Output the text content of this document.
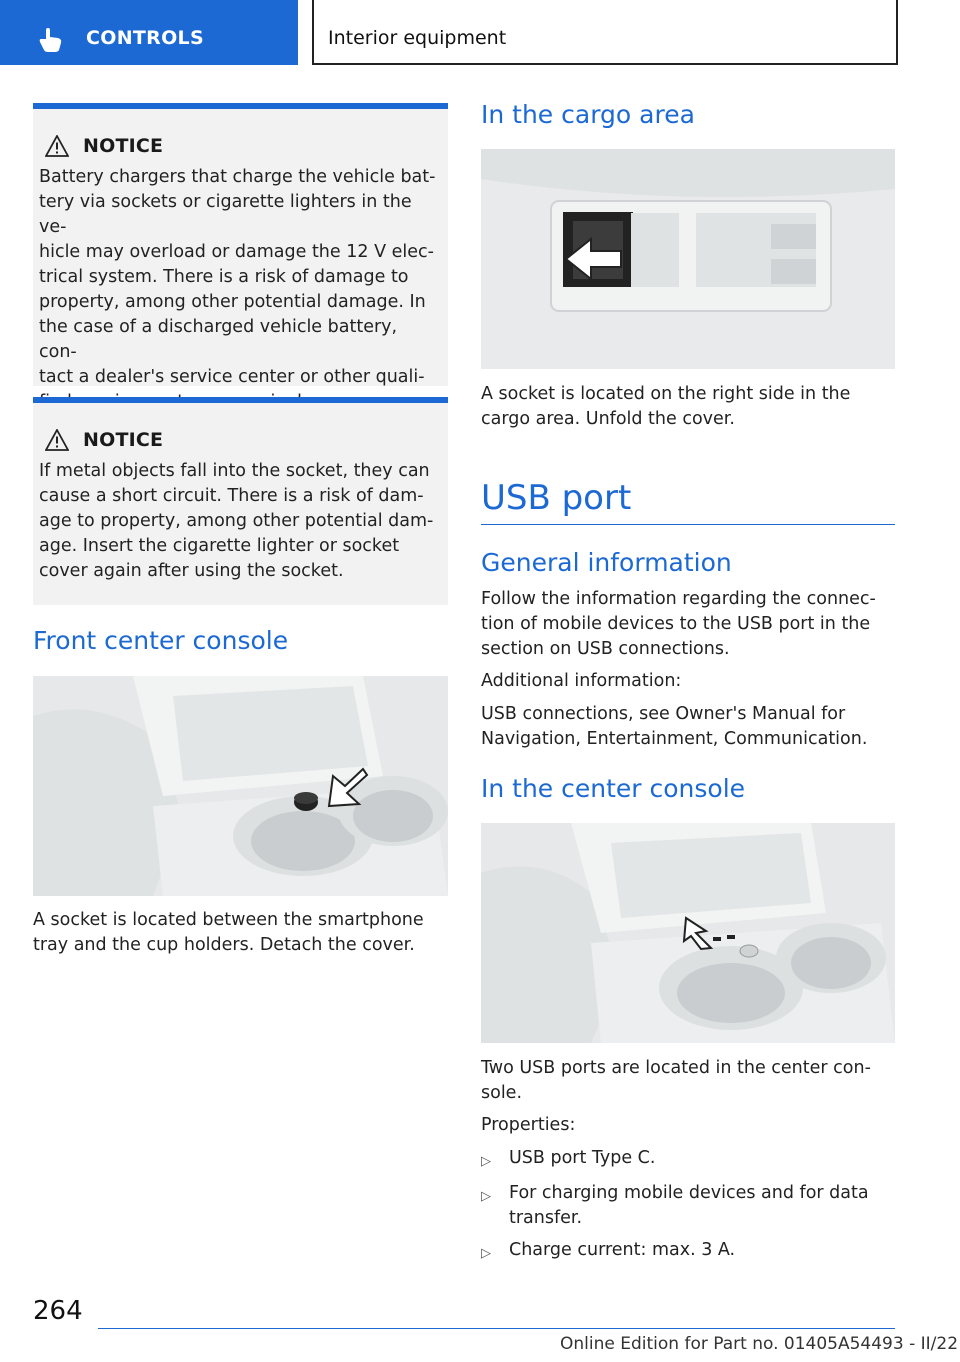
CONTROLS	Interior equipment
NOTICE
Battery chargers that charge the vehicle bat-
tery via sockets or cigarette lighters in the ve-
hicle may overload or damage the 12 V elec-
trical system. There is a risk of damage to
property, among other potential damage. In
the case of a discharged vehicle battery, con-
tact a dealer's service center or other quali-

NOTICE
If metal objects fall into the socket, they can
cause a short circuit. There is a risk of dam-
age to property, among other potential dam-
age. Insert the cigarette lighter or socket
cover again after using the socket.
Front center console
A socket is located between the smartphone
tray and the cup holders. Detach the cover.
In the cargo area
A socket is located on the right side in the
cargo area. Unfold the cover.
USB port
General information
Follow the information regarding the connec-
tion of mobile devices to the USB port in the
section on USB connections.
Additional information:
USB connections, see Owner's Manual for
Navigation, Entertainment, Communication.
In the center console
Two USB ports are located in the center con-
sole.
Properties:
▷	USB port Type C.
▷	For charging mobile devices and for data
transfer.
▷	Charge current: max. 3 A.
264
Online Edition for Part no. 01405A54493 - II/22
